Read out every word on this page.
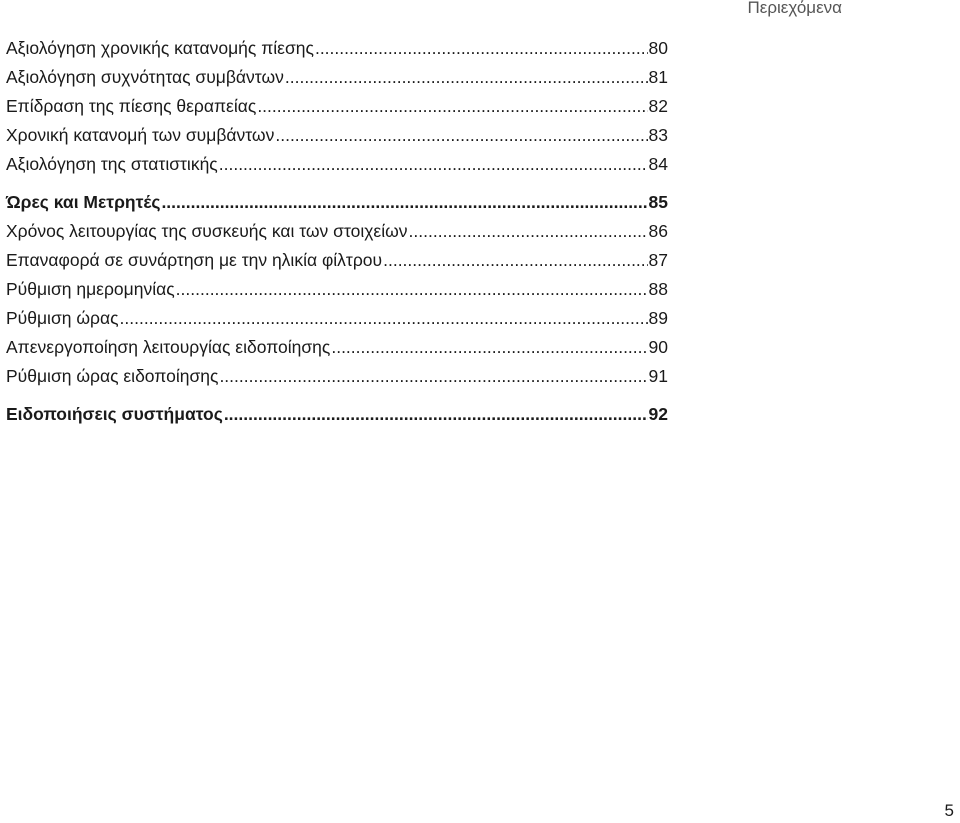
Περιεχόμενα
Αξιολόγηση χρονικής κατανομής πίεσης .....	80
Αξιολόγηση συχνότητας συμβάντων .....	81
Επίδραση της πίεσης θεραπείας .....	82
Χρονική κατανομή των συμβάντων .....	83
Αξιολόγηση της στατιστικής .....	84
Ώρες και Μετρητές .....	85
Χρόνος λειτουργίας της συσκευής και των στοιχείων .....	86
Επαναφορά σε συνάρτηση με την ηλικία φίλτρου .....	87
Ρύθμιση ημερομηνίας .....	88
Ρύθμιση ώρας .....	89
Απενεργοποίηση λειτουργίας ειδοποίησης .....	90
Ρύθμιση ώρας ειδοποίησης .....	91
Ειδοποιήσεις συστήματος .....	92
5
